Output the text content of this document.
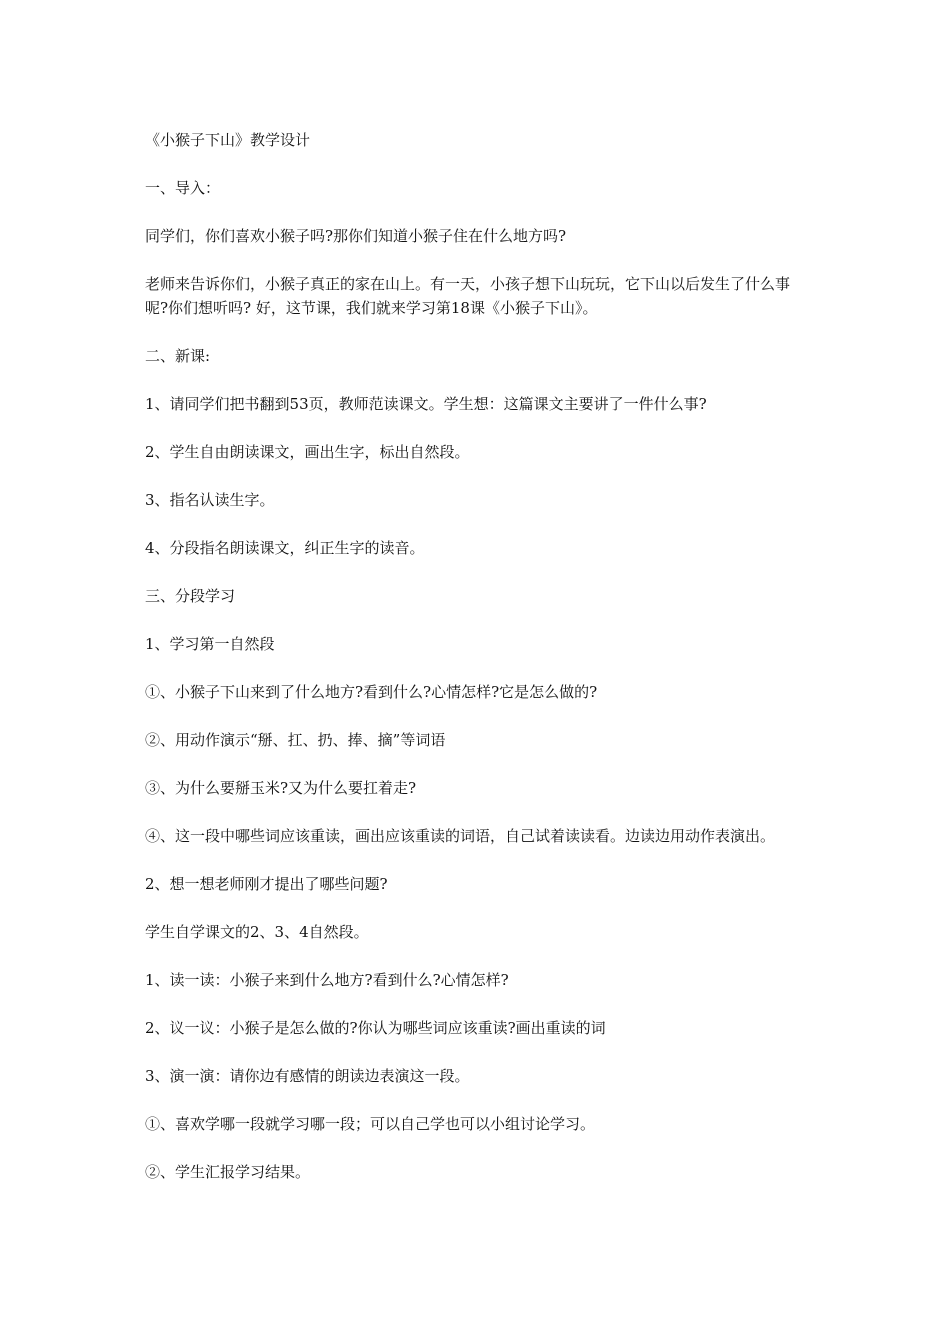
《小猴子下山》教学设计

一、导入：

同学们，你们喜欢小猴子吗?那你们知道小猴子住在什么地方吗?

老师来告诉你们，小猴子真正的家在山上。有一天，小孩子想下山玩玩，它下山以后发生了什么事呢?你们想听吗? 好，这节课，我们就来学习第18课《小猴子下山》。

二、新课:

1、请同学们把书翻到53页，教师范读课文。学生想：这篇课文主要讲了一件什么事?

2、学生自由朗读课文，画出生字，标出自然段。

3、指名认读生字。

4、分段指名朗读课文，纠正生字的读音。

三、分段学习

1、学习第一自然段

①、小猴子下山来到了什么地方?看到什么?心情怎样?它是怎么做的?

②、用动作演示“掰、扛、扔、捧、摘”等词语

③、为什么要掰玉米?又为什么要扛着走?

④、这一段中哪些词应该重读，画出应该重读的词语，自己试着读读看。边读边用动作表演出。

2、想一想老师刚才提出了哪些问题?

学生自学课文的2、3、4自然段。

1、读一读：小猴子来到什么地方?看到什么?心情怎样?

2、议一议：小猴子是怎么做的?你认为哪些词应该重读?画出重读的词

3、演一演：请你边有感情的朗读边表演这一段。

①、喜欢学哪一段就学习哪一段；可以自己学也可以小组讨论学习。

②、学生汇报学习结果。
